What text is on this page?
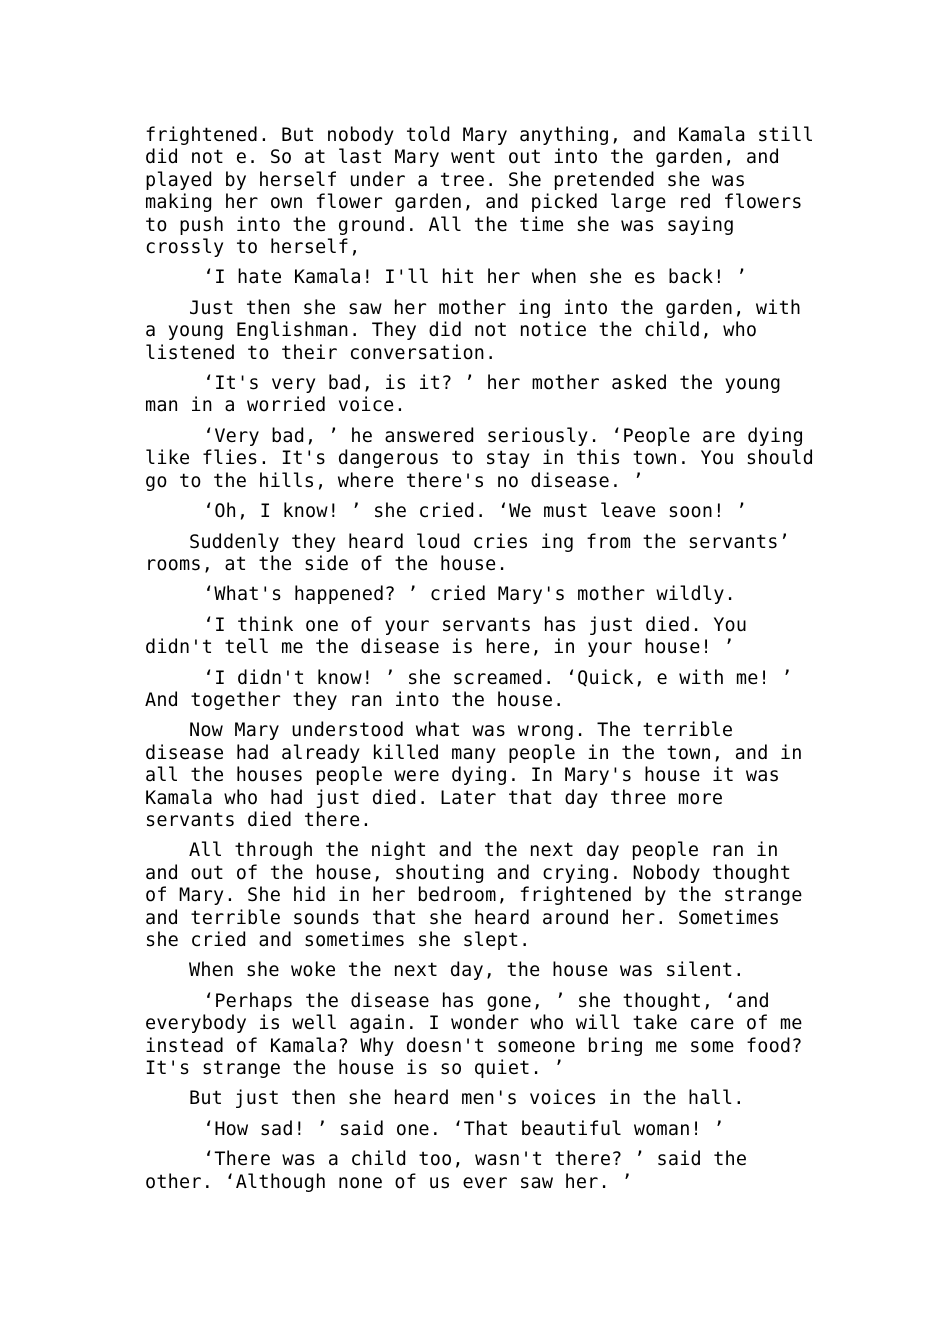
frightened. But nobody told Mary anything, and Kamala still did not e. So at last Mary went out into the garden, and played by herself under a tree. She pretended she was making her own flower garden, and picked large red flowers to push into the ground. All the time she was saying crossly to herself,

‘I hate Kamala! I'll hit her when she es back! ’

Just then she saw her mother ing into the garden, with a young Englishman. They did not notice the child, who listened to their conversation.

‘It's very bad, is it? ’ her mother asked the young man in a worried voice.

‘Very bad, ’ he answered seriously. ‘People are dying like flies. It's dangerous to stay in this town. You should go to the hills, where there's no disease. ’

‘Oh, I know! ’ she cried. ‘We must leave soon! ’

Suddenly they heard loud cries ing from the servants’ rooms, at the side of the house.

‘What's happened? ’ cried Mary's mother wildly.

‘I think one of your servants has just died. You didn't tell me the disease is here, in your house! ’

‘I didn't know! ’ she screamed. ‘Quick, e with me! ’ And together they ran into the house.

Now Mary understood what was wrong. The terrible disease had already killed many people in the town, and in all the houses people were dying. In Mary's house it was Kamala who had just died. Later that day three more servants died there.

All through the night and the next day people ran in and out of the house, shouting and crying. Nobody thought of Mary. She hid in her bedroom, frightened by the strange and terrible sounds that she heard around her. Sometimes she cried and sometimes she slept.

When she woke the next day, the house was silent.

‘Perhaps the disease has gone, ’ she thought, ‘and everybody is well again. I wonder who will take care of me instead of Kamala? Why doesn't someone bring me some food? It's strange the house is so quiet. ’

But just then she heard men's voices in the hall.

‘How sad! ’ said one. ‘That beautiful woman! ’

‘There was a child too, wasn't there? ’ said the other. ‘Although none of us ever saw her. ’
